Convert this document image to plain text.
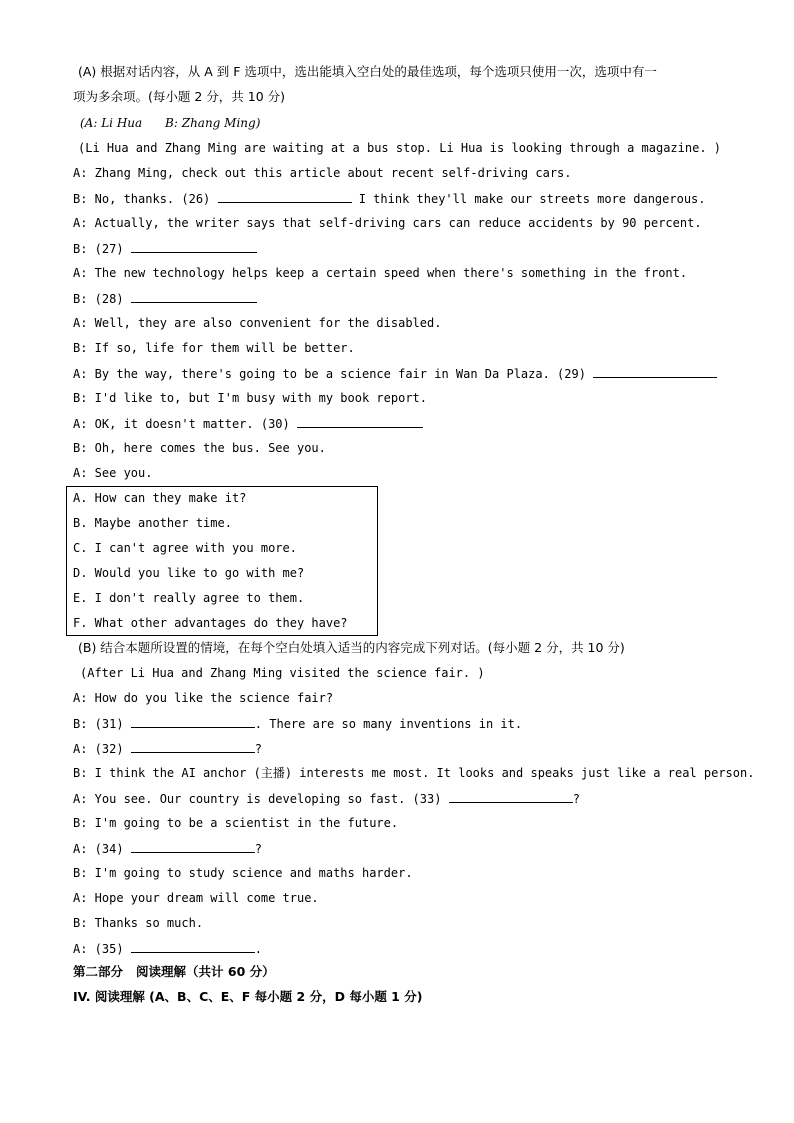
(A) 根据对话内容，从 A 到 F 选项中，选出能填入空白处的最佳选项，每个选项只使用一次，选项中有一
项为多余项。(每小题 2 分，共 10 分)
(A: Li Hua      B: Zhang Ming)
(Li Hua and Zhang Ming are waiting at a bus stop. Li Hua is looking through a magazine. )
A: Zhang Ming, check out this article about recent self-driving cars.
B: No, thanks. (26)	I think they'll make our streets more dangerous.
A: Actually, the writer says that self-driving cars can reduce accidents by 90 percent.
B: (27)
A: The new technology helps keep a certain speed when there's something in the front.
B: (28)
A: Well, they are also convenient for the disabled.
B: If so, life for them will be better.
A: By the way, there's going to be a science fair in Wan Da Plaza. (29)
B: I'd like to, but I'm busy with my book report.
A: OK, it doesn't matter. (30)
B: Oh, here comes the bus. See you.
A: See you.
A. How can they make it?
B. Maybe another time.
C. I can't agree with you more.
D. Would you like to go with me?
E. I don't really agree to them.
F. What other advantages do they have?
(B) 结合本题所设置的情境，在每个空白处填入适当的内容完成下列对话。(每小题 2 分，共 10 分)
(After Li Hua and Zhang Ming visited the science fair. )
A: How do you like the science fair?
B: (31)	. There are so many inventions in it.
A: (32)	?
B: I think the AI anchor (主播) interests me most. It looks and speaks just like a real person.
A: You see. Our country is developing so fast. (33)	?
B: I'm going to be a scientist in the future.
A: (34)	?
B: I'm going to study science and maths harder.
A: Hope your dream will come true.
B: Thanks so much.
A: (35)	.
第二部分   阅读理解（共计 60 分）
IV. 阅读理解 (A、B、C、E、F 每小题 2 分，D 每小题 1 分)
